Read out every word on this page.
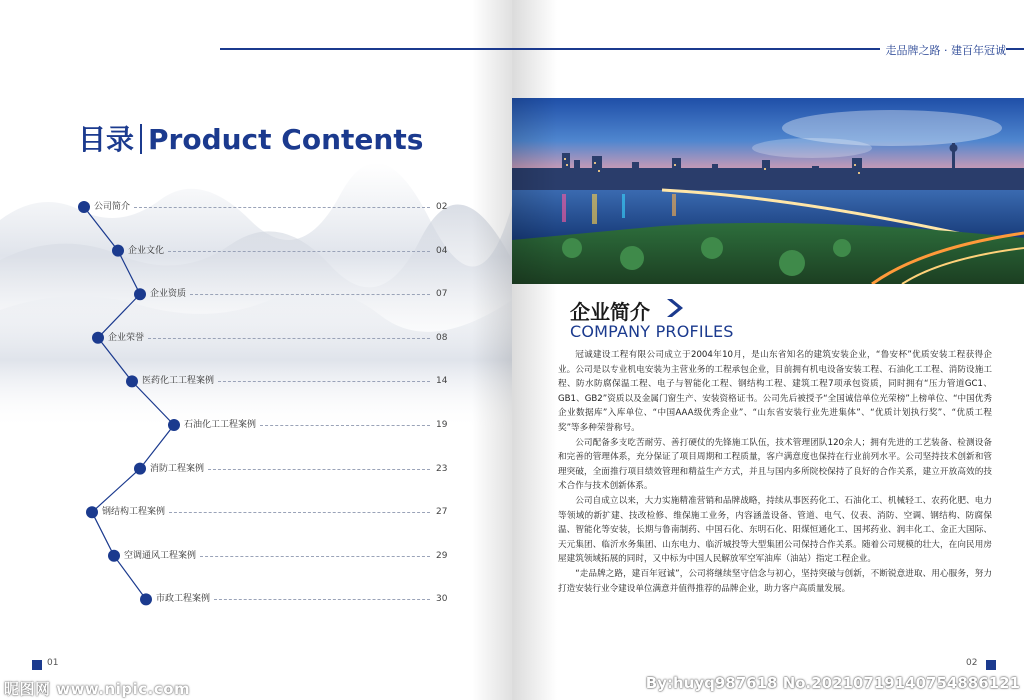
目录 Product Contents
公司简介	02
企业文化	04
企业资质	07
企业荣誉	08
医药化工工程案例	14
石油化工工程案例	19
消防工程案例	23
钢结构工程案例	27
空调通风工程案例	29
市政工程案例	30
01
企业简介
COMPANY PROFILES

冠诚建设工程有限公司成立于2004年10月，是山东省知名的建筑安装企业，“鲁安杯”优质安装工程获得企业。公司是以专业机电安装为主营业务的工程承包企业，目前拥有机电设备安装工程、石油化工工程、消防设施工程、防水防腐保温工程、电子与智能化工程、钢结构工程、建筑工程7项承包资质，同时拥有“压力管道GC1、GB1、GB2”资质以及金属门窗生产、安装资格证书。公司先后被授予“全国诚信单位光荣榜”上榜单位、“中国优秀企业数据库”入库单位、“中国AAA级优秀企业”、“山东省安装行业先进集体”、“优质计划执行奖”、“优质工程奖”等多种荣誉称号。

公司配备多支吃苦耐劳、善打硬仗的先锋施工队伍，技术管理团队120余人；拥有先进的工艺装备、检测设备和完善的管理体系，充分保证了项目周期和工程质量，客户满意度也保持在行业前列水平。公司坚持技术创新和管理突破，全面推行项目绩效管理和精益生产方式，并且与国内多所院校保持了良好的合作关系，建立开放高效的技术合作与技术创新体系。

公司自成立以来，大力实施精准营销和品牌战略，持续从事医药化工、石油化工、机械轻工、农药化肥、电力等领域的新扩建、技改检修、维保施工业务，内容涵盖设备、管道、电气、仪表、消防、空调、钢结构、防腐保温、智能化等安装，长期与鲁南制药、中国石化、东明石化、阳煤恒通化工、国邦药业、润丰化工、金正大国际、天元集团、临沂水务集团、山东电力、临沂城投等大型集团公司保持合作关系。随着公司规模的壮大，在向民用房屋建筑领域拓展的同时，又中标为中国人民解放军空军油库（油站）指定工程企业。

“走品牌之路，建百年冠诚”，公司将继续坚守信念与初心，坚持突破与创新，不断锐意进取、用心服务，努力打造安装行业令建设单位满意并值得推荐的品牌企业，助力客户高质量发展。

02
走品牌之路 · 建百年冠诚
昵图网 www.nipic.com	By:huyq987618 No.20210719140754886121
